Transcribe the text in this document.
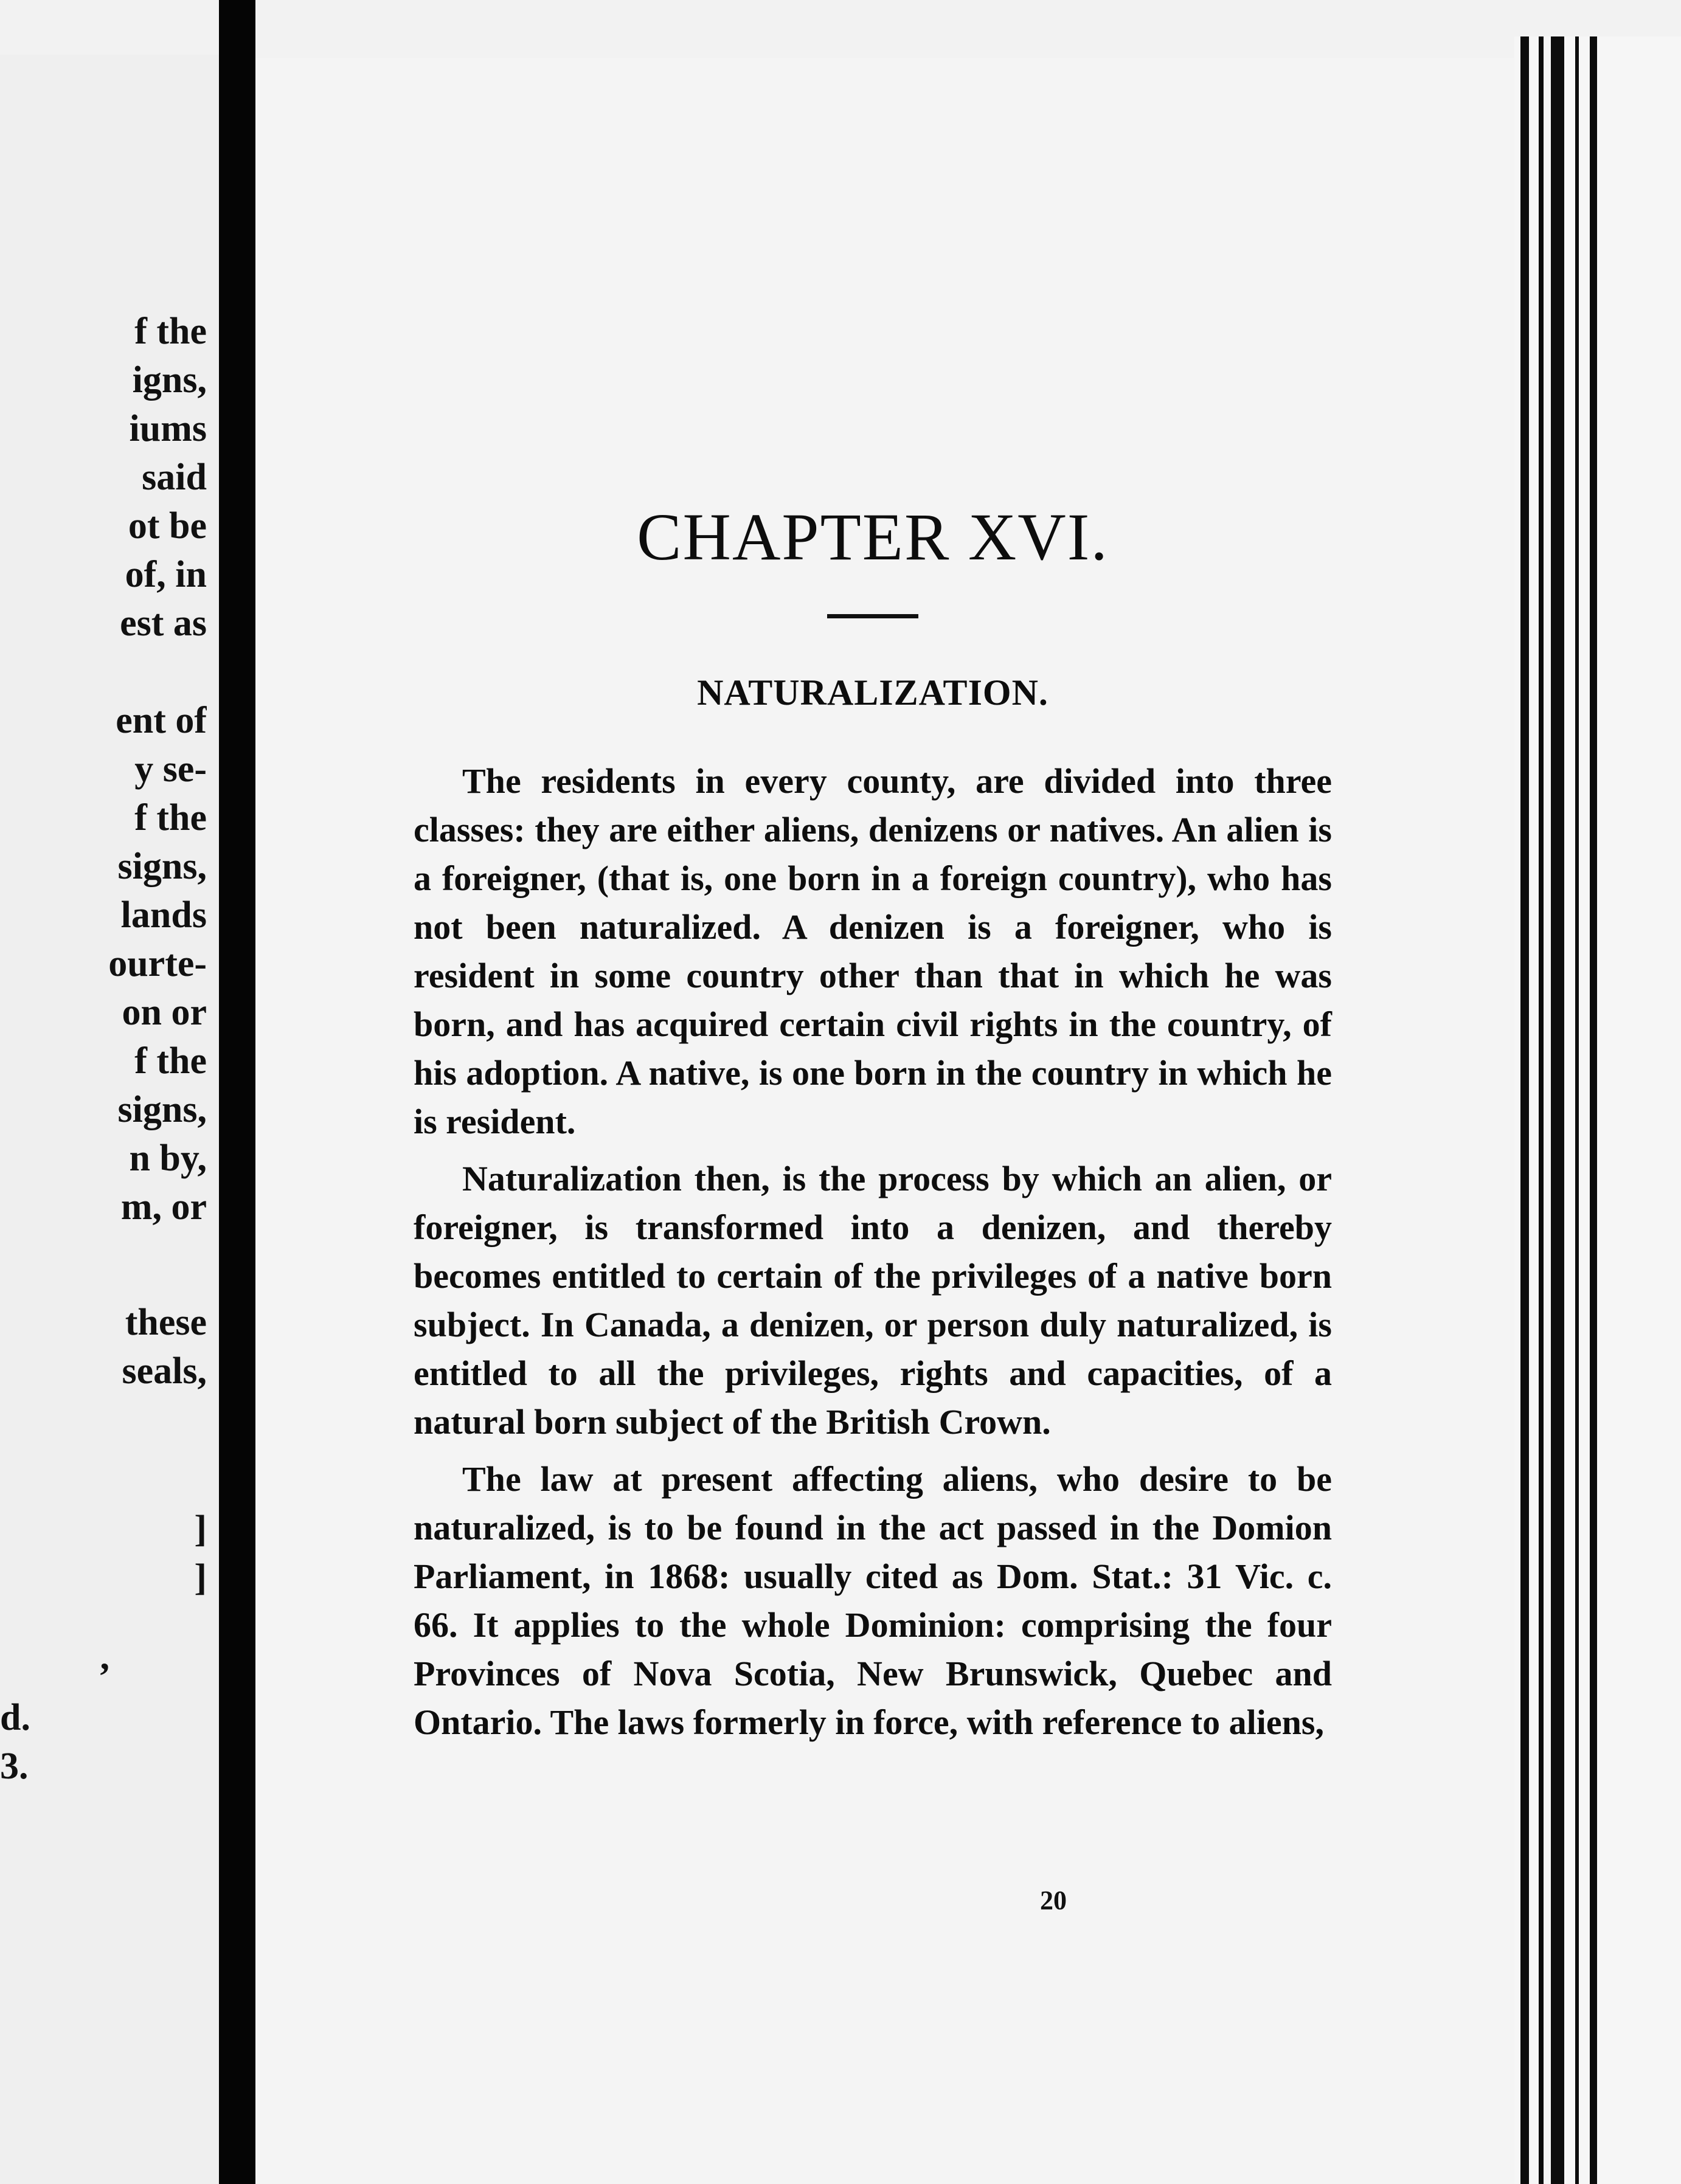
f the
igns,
iums
said
ot be
of, in
est as
ent of
y se-
f the
signs,
lands
ourte-
on or
f the
signs,
n by,
m, or
these
seals,
]
]
,
d.
3.
CHAPTER XVI.
NATURALIZATION.

The residents in every county, are divided into three classes: they are either aliens, denizens or natives. An alien is a foreigner, (that is, one born in a foreign country), who has not been naturalized. A denizen is a foreigner, who is resident in some country other than that in which he was born, and has acquired certain civil rights in the country, of his adoption. A native, is one born in the country in which he is resident.

Naturalization then, is the process by which an alien, or foreigner, is transformed into a denizen, and thereby becomes entitled to certain of the privileges of a native born subject. In Canada, a denizen, or person duly naturalized, is entitled to all the privileges, rights and capacities, of a natural born subject of the British Crown.

The law at present affecting aliens, who desire to be naturalized, is to be found in the act passed in the Domion Parliament, in 1868: usually cited as Dom. Stat.: 31 Vic. c. 66. It applies to the whole Dominion: comprising the four Provinces of Nova Scotia, New Brunswick, Quebec and Ontario. The laws formerly in force, with reference to aliens,

20
